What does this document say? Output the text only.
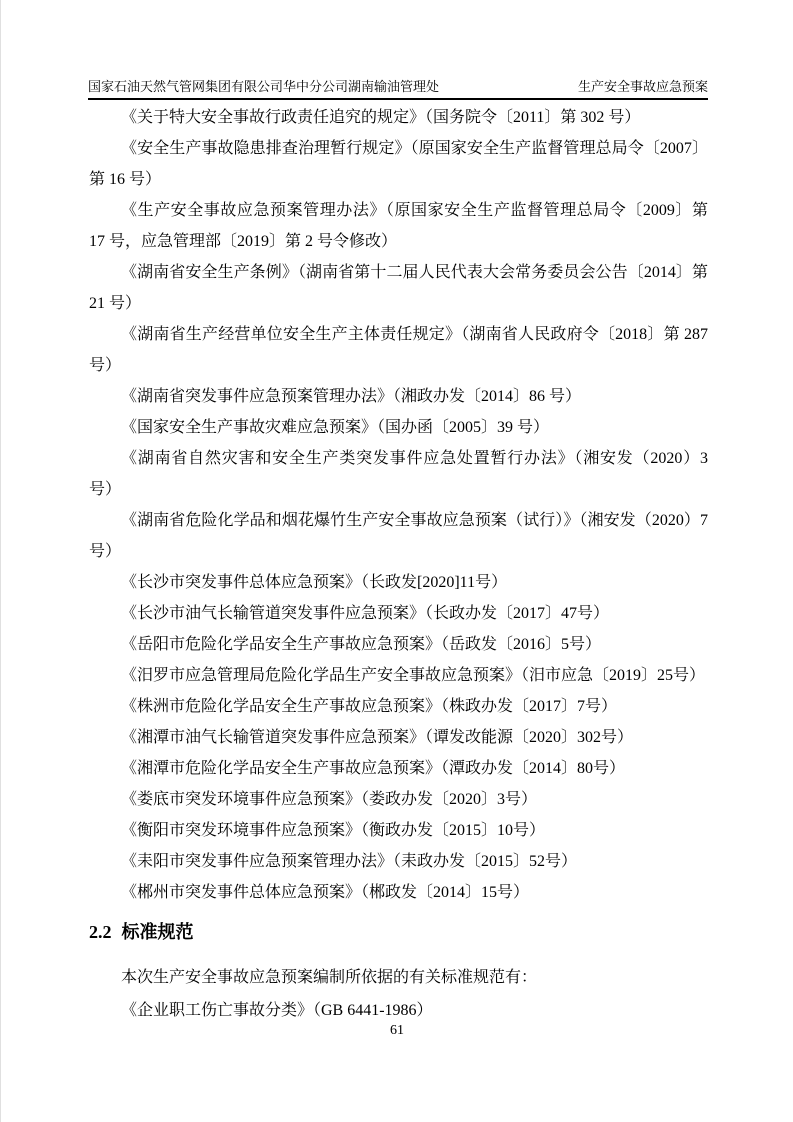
国家石油天然气管网集团有限公司华中分公司湖南输油管理处	生产安全事故应急预案

《关于特大安全事故行政责任追究的规定》（国务院令〔2011〕第 302 号）

《安全生产事故隐患排查治理暂行规定》（原国家安全生产监督管理总局令〔2007〕第 16 号）

《生产安全事故应急预案管理办法》（原国家安全生产监督管理总局令〔2009〕第 17 号，应急管理部〔2019〕第 2 号令修改）

《湖南省安全生产条例》（湖南省第十二届人民代表大会常务委员会公告〔2014〕第 21 号）

《湖南省生产经营单位安全生产主体责任规定》（湖南省人民政府令〔2018〕第 287 号）

《湖南省突发事件应急预案管理办法》（湘政办发〔2014〕86 号）

《国家安全生产事故灾难应急预案》（国办函〔2005〕39 号）

《湖南省自然灾害和安全生产类突发事件应急处置暂行办法》（湘安发（2020）3 号）

《湖南省危险化学品和烟花爆竹生产安全事故应急预案（试行）》（湘安发（2020）7号）

《长沙市突发事件总体应急预案》（长政发[2020]11号）

《长沙市油气长输管道突发事件应急预案》（长政办发〔2017〕47号）

《岳阳市危险化学品安全生产事故应急预案》（岳政发〔2016〕5号）

《汨罗市应急管理局危险化学品生产安全事故应急预案》（汨市应急〔2019〕25号）

《株洲市危险化学品安全生产事故应急预案》（株政办发〔2017〕7号）

《湘潭市油气长输管道突发事件应急预案》（谭发改能源〔2020〕302号）

《湘潭市危险化学品安全生产事故应急预案》（潭政办发〔2014〕80号）

《娄底市突发环境事件应急预案》（娄政办发〔2020〕3号）

《衡阳市突发环境事件应急预案》（衡政办发〔2015〕10号）

《耒阳市突发事件应急预案管理办法》（耒政办发〔2015〕52号）

《郴州市突发事件总体应急预案》（郴政发〔2014〕15号）

2.2 标准规范

本次生产安全事故应急预案编制所依据的有关标准规范有：

《企业职工伤亡事故分类》（GB 6441-1986）

61
